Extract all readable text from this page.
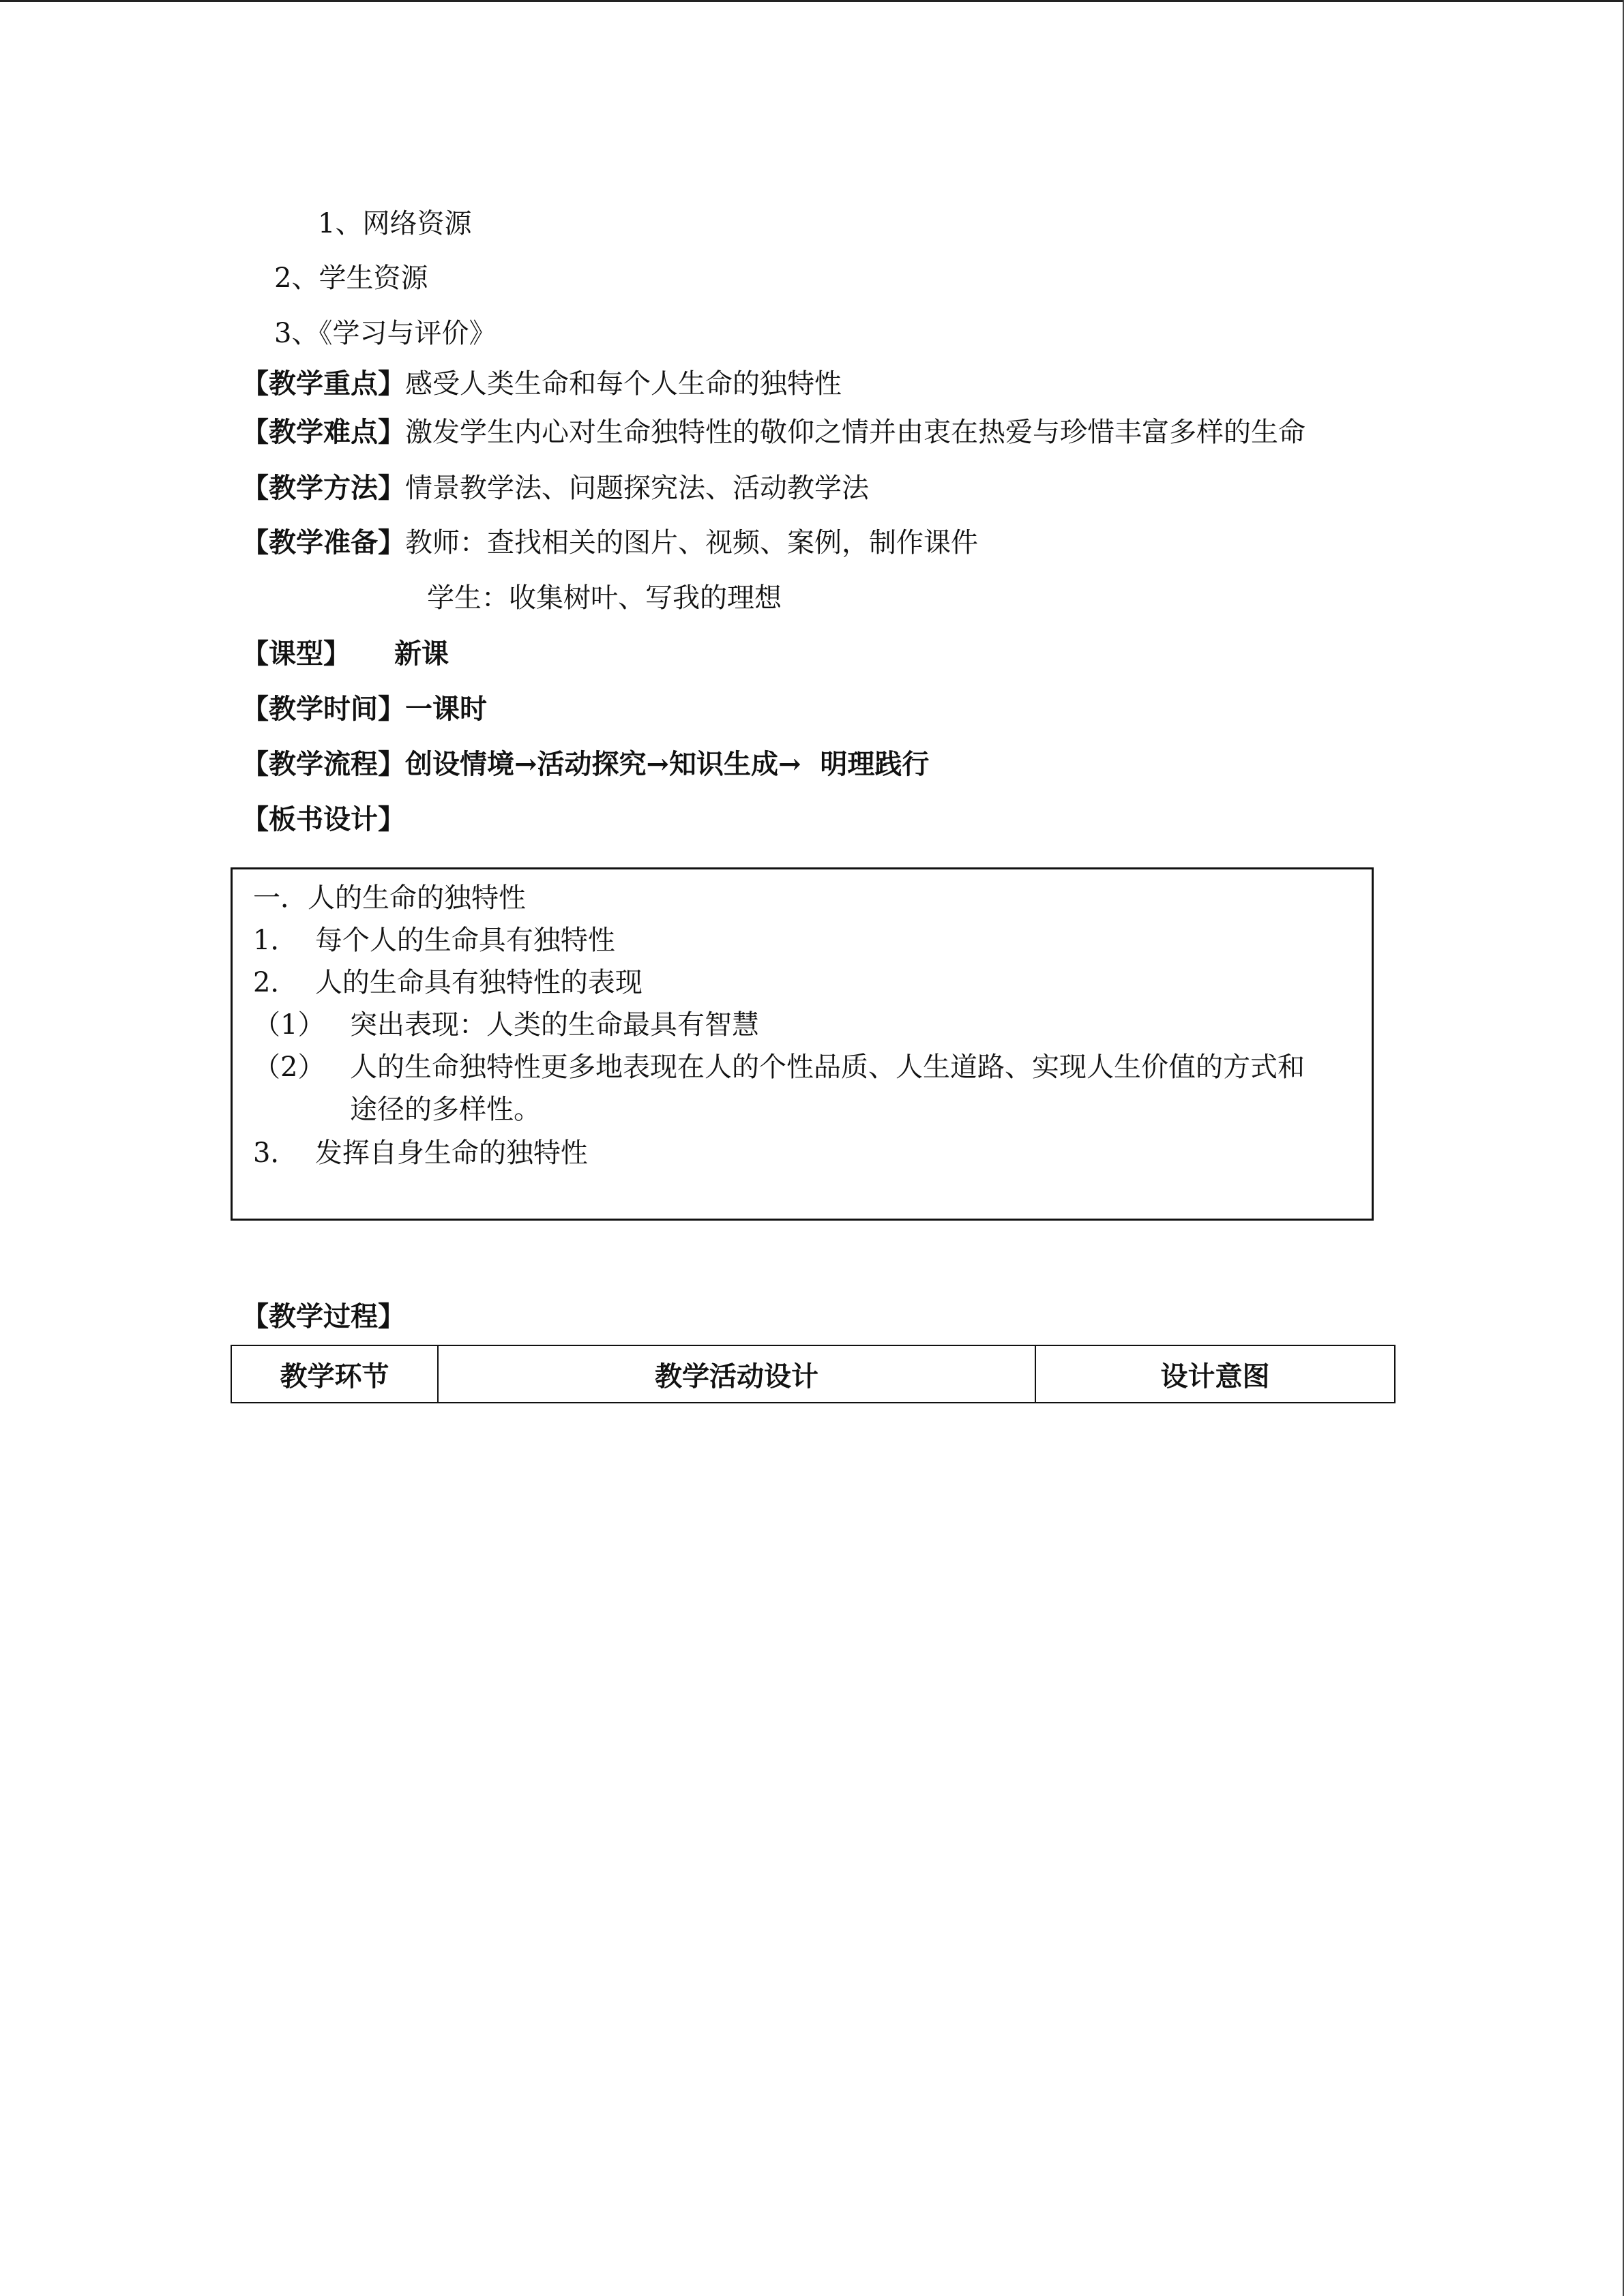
1、网络资源
2、学生资源
3、《学习与评价》
【教学重点】感受人类生命和每个人生命的独特性
【教学难点】激发学生内心对生命独特性的敬仰之情并由衷在热爱与珍惜丰富多样的生命
【教学方法】情景教学法、问题探究法、活动教学法
【教学准备】教师：查找相关的图片、视频、案例，制作课件
学生：收集树叶、写我的理想
【课型】 新课
【教学时间】一课时
【教学流程】创设情境→活动探究→知识生成→  明理践行
【板书设计】
一．人的生命的独特性
1．  每个人的生命具有独特性
2．  人的生命具有独特性的表现
（1） 突出表现：人类的生命最具有智慧
（2） 人的生命独特性更多地表现在人的个性品质、人生道路、实现人生价值的方式和
途径的多样性。
3．  发挥自身生命的独特性
【教学过程】
教学环节	教学活动设计	设计意图
